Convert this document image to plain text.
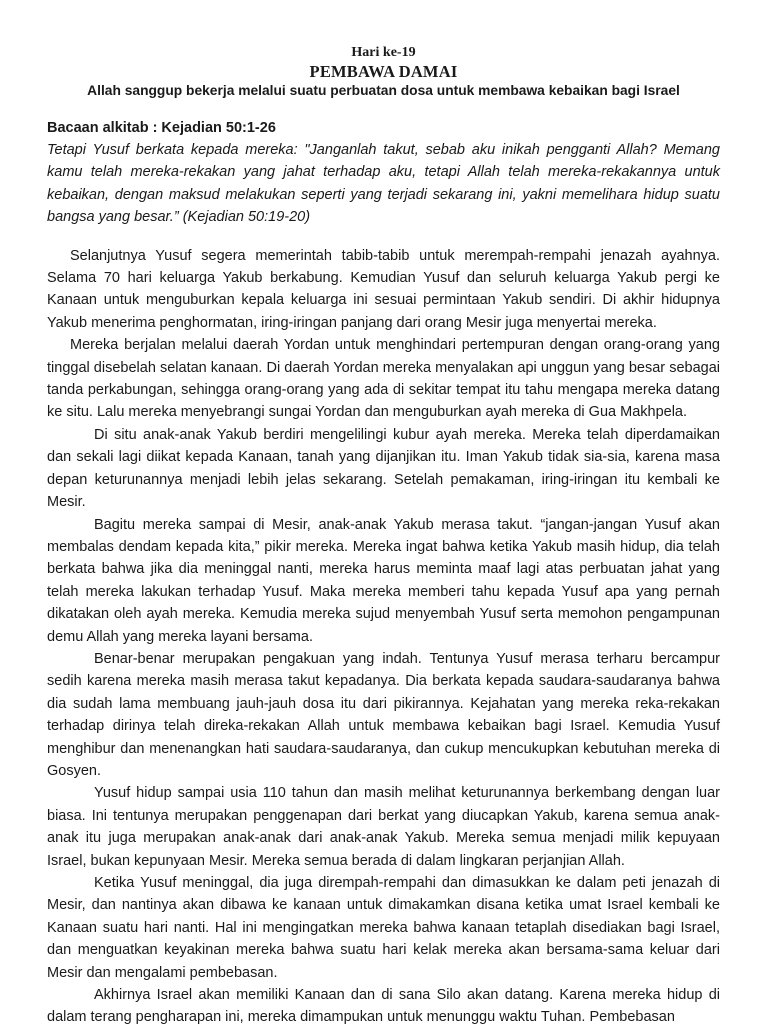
Hari ke-19

PEMBAWA DAMAI

Allah sanggup bekerja melalui suatu perbuatan dosa untuk membawa kebaikan bagi Israel

Bacaan alkitab : Kejadian 50:1-26

Tetapi Yusuf berkata kepada mereka: "Janganlah takut, sebab aku inikah pengganti Allah? Memang kamu telah mereka-rekakan yang jahat terhadap aku, tetapi Allah telah mereka-rekakannya untuk kebaikan, dengan maksud melakukan seperti yang terjadi sekarang ini, yakni memelihara hidup suatu bangsa yang besar.” (Kejadian 50:19-20)

Selanjutnya Yusuf segera memerintah tabib-tabib untuk merempah-rempahi jenazah ayahnya. Selama 70 hari keluarga Yakub berkabung. Kemudian Yusuf dan seluruh keluarga Yakub pergi ke Kanaan untuk menguburkan kepala keluarga ini sesuai permintaan Yakub sendiri. Di akhir hidupnya Yakub menerima penghormatan, iring-iringan panjang dari orang Mesir juga menyertai mereka.

Mereka berjalan melalui daerah Yordan untuk menghindari pertempuran dengan orang-orang yang tinggal disebelah selatan kanaan. Di daerah Yordan mereka menyalakan api unggun yang besar sebagai tanda perkabungan, sehingga orang-orang yang ada di sekitar tempat itu tahu mengapa mereka datang ke situ. Lalu mereka menyebrangi sungai Yordan dan menguburkan ayah mereka di Gua Makhpela.

Di situ anak-anak Yakub berdiri mengelilingi kubur ayah mereka. Mereka telah diperdamaikan dan sekali lagi diikat kepada Kanaan, tanah yang dijanjikan itu. Iman Yakub tidak sia-sia, karena masa depan keturunannya menjadi lebih jelas sekarang. Setelah pemakaman, iring-iringan itu kembali ke Mesir.

Bagitu mereka sampai di Mesir, anak-anak Yakub merasa takut. “jangan-jangan Yusuf akan membalas dendam kepada kita,” pikir mereka. Mereka ingat bahwa ketika Yakub masih hidup, dia telah berkata bahwa jika dia meninggal nanti, mereka harus meminta maaf lagi atas perbuatan jahat yang telah mereka lakukan terhadap Yusuf. Maka mereka memberi tahu kepada Yusuf apa yang pernah dikatakan oleh ayah mereka. Kemudia mereka sujud menyembah Yusuf serta memohon pengampunan demu Allah yang mereka layani bersama.

Benar-benar merupakan pengakuan yang indah. Tentunya Yusuf merasa terharu bercampur sedih karena mereka masih merasa takut kepadanya. Dia berkata kepada saudara-saudaranya bahwa dia sudah lama membuang jauh-jauh dosa itu dari pikirannya. Kejahatan yang mereka reka-rekakan terhadap dirinya telah direka-rekakan Allah untuk membawa kebaikan bagi Israel. Kemudia Yusuf menghibur dan menenangkan hati saudara-saudaranya, dan cukup mencukupkan kebutuhan mereka di Gosyen.

Yusuf hidup sampai usia 110 tahun dan masih melihat keturunannya berkembang dengan luar biasa. Ini tentunya merupakan penggenapan dari berkat yang diucapkan Yakub, karena semua anak-anak itu juga merupakan anak-anak dari anak-anak Yakub. Mereka semua menjadi milik kepuyaan Israel, bukan kepunyaan Mesir. Mereka semua berada di dalam lingkaran perjanjian Allah.

Ketika Yusuf meninggal, dia juga dirempah-rempahi dan dimasukkan ke dalam peti jenazah di Mesir, dan nantinya akan dibawa ke kanaan untuk dimakamkan disana ketika umat Israel kembali ke Kanaan suatu hari nanti. Hal ini mengingatkan mereka bahwa kanaan tetaplah disediakan bagi Israel, dan menguatkan keyakinan mereka bahwa suatu hari kelak mereka akan bersama-sama keluar dari Mesir dan mengalami pembebasan.

Akhirnya Israel akan memiliki Kanaan dan di sana Silo akan datang. Karena mereka hidup di dalam terang pengharapan ini, mereka dimampukan untuk menunggu waktu Tuhan. Pembebasan
